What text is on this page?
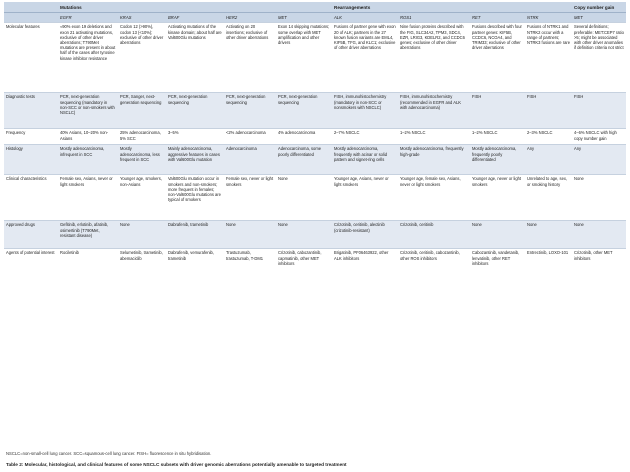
	Mutations					Rearrangements				Copy number gain
	EGFR	KRAS	BRAF	HER2	MET	ALK	ROS1	RET	NTRK	MET
Molecular features	≈90% exon 19 deletions and exon 21 activating mutations, exclusive of other driver aberrations; T790Met mutations are present in about half of the cases after tyrosine kinase inhibitor resistance	Codon 12 (>90%), codon 13 (<10%); exclusive of other driver aberrations	Activating mutations of the kinase domain; about half are Val600Glu mutations	Activating on 20 insertions; exclusive of other driver aberrations	Exon 14 skipping mutations; some overlap with MET amplification and other drivers	Fusions of partner gene with exon 20 of ALK; partners in the 27 known fusion variants are EML4, KIF5B, TFG, and KLC1; exclusive of other driver aberrations	Nine fusion proteins described with the FIG, SLC34A2, TPM3, SDC4, EZR, LRIG3, KDELR2, and CCDC6 genes; exclusive of other driver aberrations	Fusions described with four partner genes: KIF5B, CCDC6, NCOA4, and TRIM33; exclusive of other driver aberrations	Fusions of NTRK1 and NTRK2 occur with a range of partners; NTRK3 fusions are rare	Several definitions; preferable: MET:CEP7 ratio >5; might be associated with other driver anomalies if definition criteria not strict
Diagnostic tests	PCR, next-generation sequencing (mandatory in non-SCC or non-smokers with NSCLC)	PCR, Sanger, next-generation sequencing	PCR, next-generation sequencing	PCR, next-generation sequencing	PCR, next-generation sequencing	FISH, immunohistochemistry (mandatory in non-SCC or nonsmokers with NSCLC)	FISH, immunohistochemistry (recommended in EGFR and ALK with adenocarcinoma)	FISH	FISH	FISH
Frequency	40% Asians, 10–20% non-Asians	25% adenocarcinoma, 5% SCC	3–5%	<2% adenocarcinoma	4% adenocarcinoma	2–7% NSCLC	1–2% NSCLC	1–2% NSCLC	2–3% NSCLC	4–6% NSCLC with high copy number gain
Histology	Mostly adenocarcinoma, infrequent in SCC	Mostly adenocarcinoma, less frequent in SCC	Mainly adenocarcinoma, aggressive features in cases with Val600Glu mutation	Adenocarcinoma	Adenocarcinoma, some poorly differentiated	Mostly adenocarcinoma, frequently with acinar or solid pattern and signet-ring cells	Mostly adenocarcinoma, frequently high-grade	Mostly adenocarcinoma, frequently poorly differentiated	Any	Any
Clinical characteristics	Female sex, Asians, never or light smokers	Younger age, smokers, non-Asians	Val600Glu mutation occur in smokers and non-smokers; more frequent in females; non-Val600Glu mutations are typical of smokers	Female sex, never or light smokers	None	Younger age, Asians, never or light smokers	Younger age, female sex, Asians, never or light smokers	Younger age, never or light smokers	Unrelated to age, sex, or smoking history	None
Approved drugs	Gefitinib, erlotinib, afatinib, osimertinib (T790Met, resistant disease)	None	Dabrafenib, trametinib	None	None	Crizotinib, ceritinib, alectinib (crizotinib-resistant)	Crizotinib, ceritinib	None	None	None
Agents of potential interest	Rociletinib	Selumetinib, trametinib, abemaciclib	Dabrafenib, vemurafenib, trametinib	Trastuzumab, trastuzumab, T-DM1	Crizotinib, cabozantinib, capmatinib, other MET inhibitors	Brigatinib, PF06463922, other ALK inhibitors	Crizotinib, ceritinib, cabozantinib, other ROS inhibitors	Cabozantinib, vandetanib, lenvatinib, other RET inhibitors	Entrectinib, LOXO-101	Crizotinib, other MET inhibitors
NSCLC=non-small-cell lung cancer. SCC=squamous-cell lung cancer. FISH= fluorescence in situ hybridisation.
Table 2: Molecular, histological, and clinical features of some NSCLC subsets with driver genomic aberrations potentially amenable to targeted treatment
